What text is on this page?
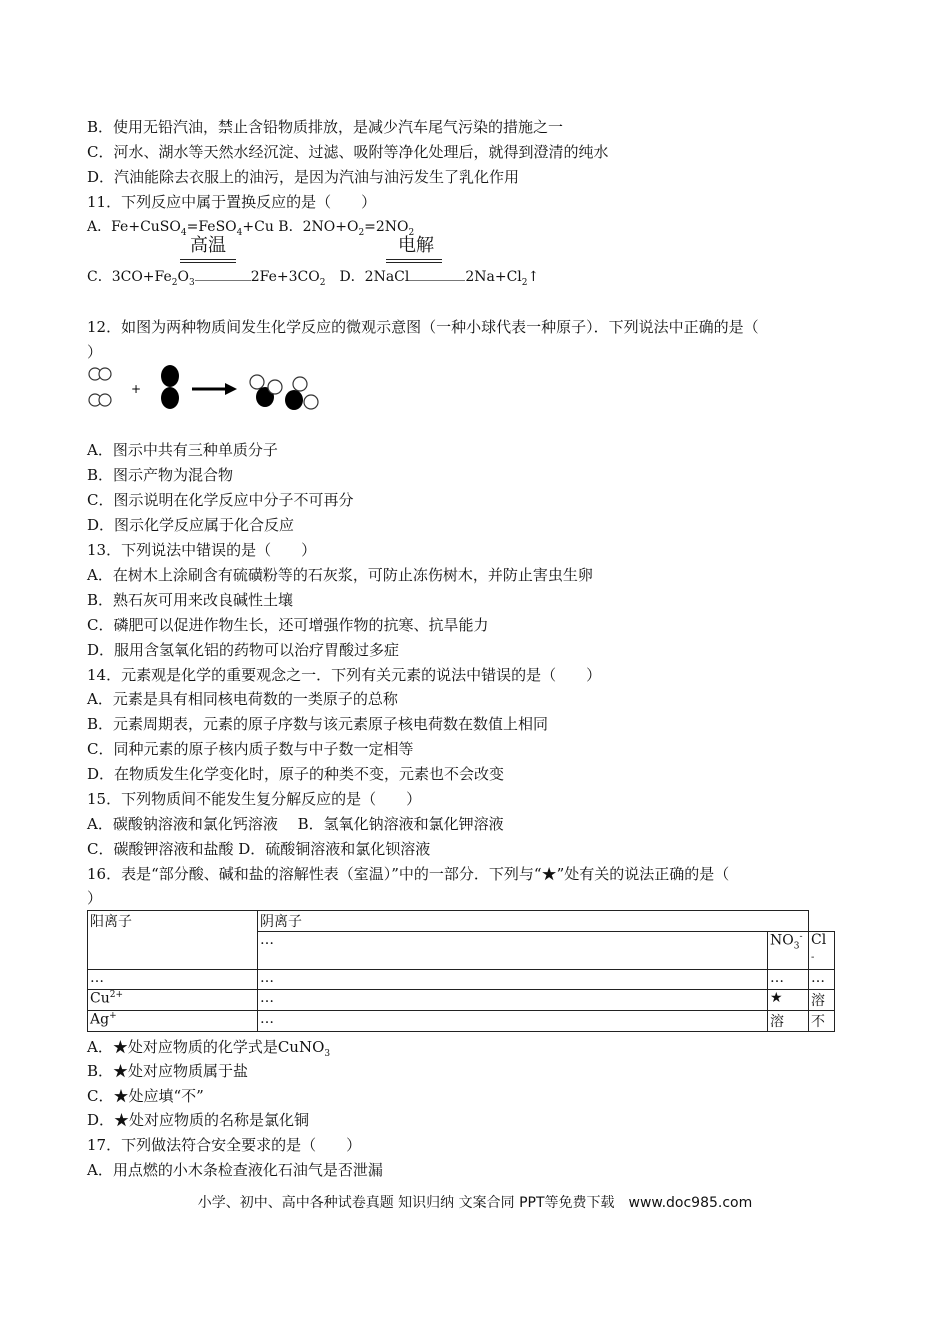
B．使用无铅汽油，禁止含铅物质排放，是减少汽车尾气污染的措施之一
C．河水、湖水等天然水经沉淀、过滤、吸附等净化处理后，就得到澄清的纯水
D．汽油能除去衣服上的油污，是因为汽油与油污发生了乳化作用
11．下列反应中属于置换反应的是（　　）
A．Fe+CuSO$_4$=FeSO$_4$+Cu B．$2NO+O_2=2NO_2$
高温	电解
C．$3CO+Fe_2O_3$	$2Fe+3CO_2$ D．2NaCl	$2Na+Cl_2↑$
12．如图为两种物质间发生化学反应的微观示意图（一种小球代表一种原子）．下列说法中正确的是（
）
+
A．图示中共有三种单质分子
B．图示产物为混合物
C．图示说明在化学反应中分子不可再分
D．图示化学反应属于化合反应
13．下列说法中错误的是（　　）
A．在树木上涂刷含有硫磺粉等的石灰浆，可防止冻伤树木，并防止害虫生卵
B．熟石灰可用来改良碱性土壤
C．磷肥可以促进作物生长，还可增强作物的抗寒、抗旱能力
D．服用含氢氧化铝的药物可以治疗胃酸过多症
14．元素观是化学的重要观念之一．下列有关元素的说法中错误的是（　　）
A．元素是具有相同核电荷数的一类原子的总称
B．元素周期表，元素的原子序数与该元素原子核电荷数在数值上相同
C．同种元素的原子核内质子数与中子数一定相等
D．在物质发生化学变化时，原子的种类不变，元素也不会改变
15．下列物质间不能发生复分解反应的是（　　）
A．碳酸钠溶液和氯化钙溶液　 B．氢氧化钠溶液和氯化钾溶液
C．碳酸钾溶液和盐酸 D．硫酸铜溶液和氯化钡溶液
16．表是“部分酸、碱和盐的溶解性表（室温）”中的一部分．下列与“★”处有关的说法正确的是（
）
阳离子	阴离子		
	…	$NO_3^-$	Cl
-
…	…	…	…
$Cu^{2+}$	…	★	溶
Ag+	…	溶	不
A．★处对应物质的化学式是CuNO$_3$
B．★处对应物质属于盐
C．★处应填“不”
D．★处对应物质的名称是氯化铜
17．下列做法符合安全要求的是（　　）
A．用点燃的小木条检查液化石油气是否泄漏
小学、初中、高中各种试卷真题 知识归纳 文案合同 PPT等免费下载　www.doc985.com
